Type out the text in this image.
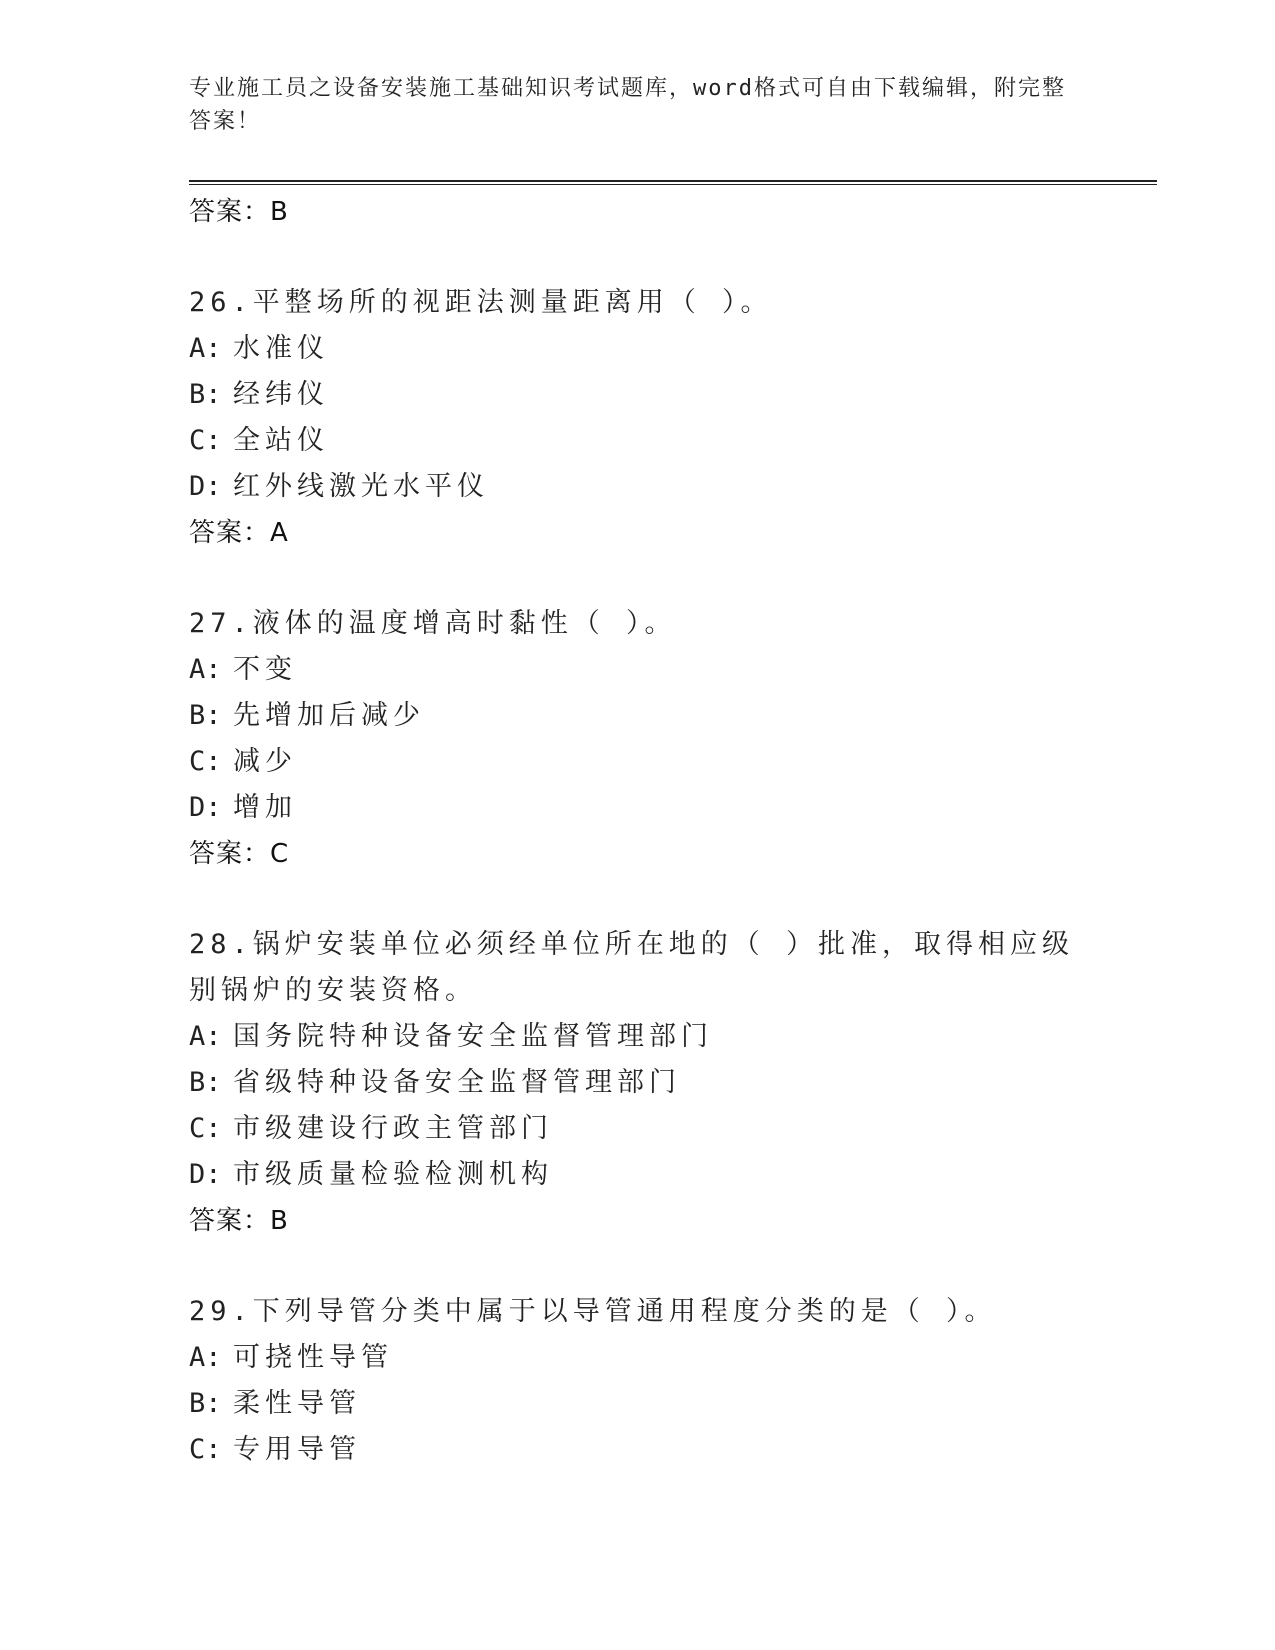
专业施工员之设备安装施工基础知识考试题库，word格式可自由下载编辑，附完整答案！
答案：B
26.平整场所的视距法测量距离用（ ）。
A: 水准仪
B: 经纬仪
C: 全站仪
D: 红外线激光水平仪
答案：A
27.液体的温度增高时黏性（ ）。
A: 不变
B: 先增加后减少
C: 减少
D: 增加
答案：C
28.锅炉安装单位必须经单位所在地的（ ）批准，取得相应级别锅炉的安装资格。
A: 国务院特种设备安全监督管理部门
B: 省级特种设备安全监督管理部门
C: 市级建设行政主管部门
D: 市级质量检验检测机构
答案：B
29.下列导管分类中属于以导管通用程度分类的是（ ）。
A: 可挠性导管
B: 柔性导管
C: 专用导管
